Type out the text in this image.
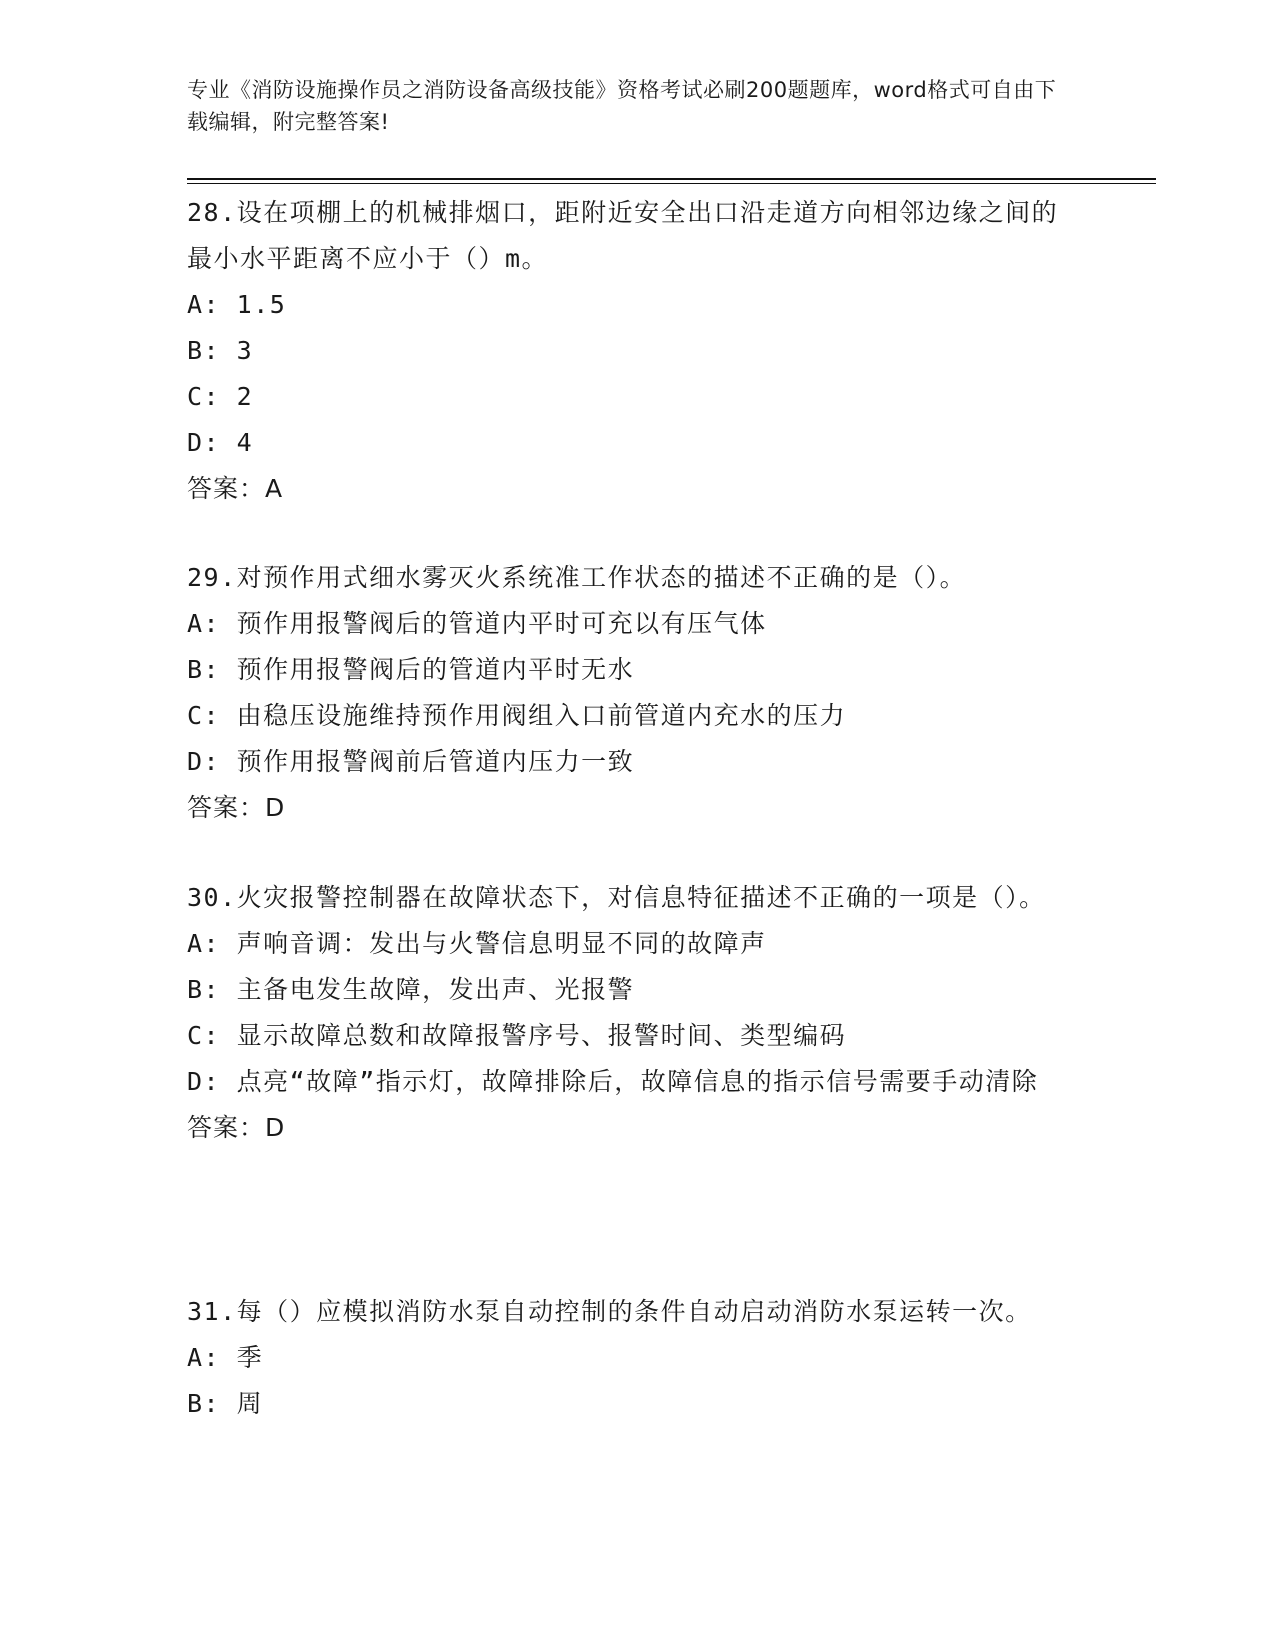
专业《消防设施操作员之消防设备高级技能》资格考试必刷200题题库，word格式可自由下载编辑，附完整答案!
28.设在项棚上的机械排烟口，距附近安全出口沿走道方向相邻边缘之间的最小水平距离不应小于（）m。
A: 1.5
B: 3
C: 2
D: 4
答案：A
29.对预作用式细水雾灭火系统准工作状态的描述不正确的是（）。
A: 预作用报警阀后的管道内平时可充以有压气体
B: 预作用报警阀后的管道内平时无水
C: 由稳压设施维持预作用阀组入口前管道内充水的压力
D: 预作用报警阀前后管道内压力一致
答案：D
30.火灾报警控制器在故障状态下，对信息特征描述不正确的一项是（）。
A: 声响音调：发出与火警信息明显不同的故障声
B: 主备电发生故障，发出声、光报警
C: 显示故障总数和故障报警序号、报警时间、类型编码
D: 点亮“故障”指示灯，故障排除后，故障信息的指示信号需要手动清除
答案：D
31.每（）应模拟消防水泵自动控制的条件自动启动消防水泵运转一次。
A: 季
B: 周
